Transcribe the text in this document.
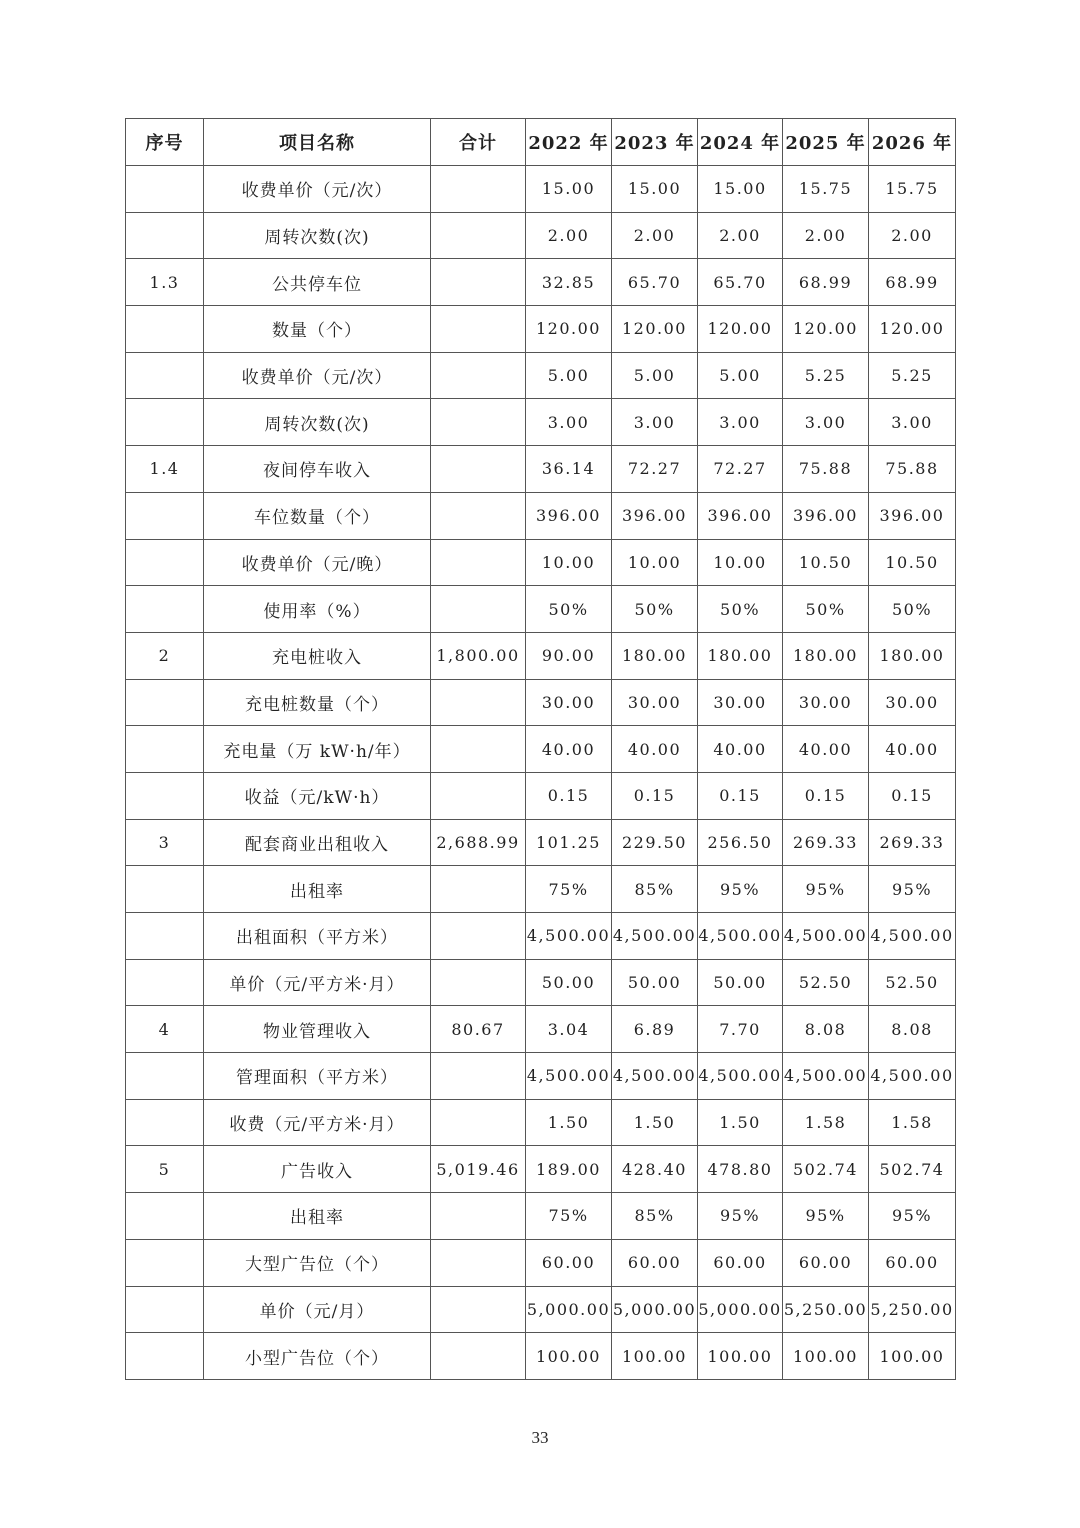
序号	项目名称	合计	2022 年	2023 年	2024 年	2025 年	2026 年
	收费单价（元/次）		15.00	15.00	15.00	15.75	15.75
	周转次数(次)		2.00	2.00	2.00	2.00	2.00
1.3	公共停车位		32.85	65.70	65.70	68.99	68.99
	数量（个）		120.00	120.00	120.00	120.00	120.00
	收费单价（元/次）		5.00	5.00	5.00	5.25	5.25
	周转次数(次)		3.00	3.00	3.00	3.00	3.00
1.4	夜间停车收入		36.14	72.27	72.27	75.88	75.88
	车位数量（个）		396.00	396.00	396.00	396.00	396.00
	收费单价（元/晚）		10.00	10.00	10.00	10.50	10.50
	使用率（%）		50%	50%	50%	50%	50%
2	充电桩收入	1,800.00	90.00	180.00	180.00	180.00	180.00
	充电桩数量（个）		30.00	30.00	30.00	30.00	30.00
	充电量（万 kW·h/年）		40.00	40.00	40.00	40.00	40.00
	收益（元/kW·h）		0.15	0.15	0.15	0.15	0.15
3	配套商业出租收入	2,688.99	101.25	229.50	256.50	269.33	269.33
	出租率		75%	85%	95%	95%	95%
	出租面积（平方米）		4,500.00	4,500.00	4,500.00	4,500.00	4,500.00
	单价（元/平方米·月）		50.00	50.00	50.00	52.50	52.50
4	物业管理收入	80.67	3.04	6.89	7.70	8.08	8.08
	管理面积（平方米）		4,500.00	4,500.00	4,500.00	4,500.00	4,500.00
	收费（元/平方米·月）		1.50	1.50	1.50	1.58	1.58
5	广告收入	5,019.46	189.00	428.40	478.80	502.74	502.74
	出租率		75%	85%	95%	95%	95%
	大型广告位（个）		60.00	60.00	60.00	60.00	60.00
	单价（元/月）		5,000.00	5,000.00	5,000.00	5,250.00	5,250.00
	小型广告位（个）		100.00	100.00	100.00	100.00	100.00
33
